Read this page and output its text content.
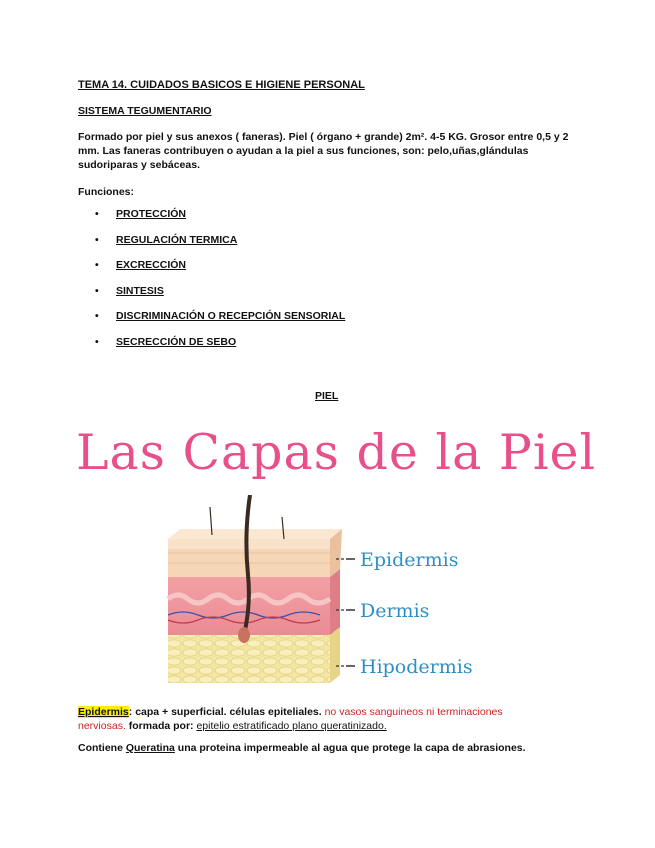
TEMA 14. CUIDADOS BASICOS E HIGIENE PERSONAL
SISTEMA TEGUMENTARIO
Formado por piel y sus anexos ( faneras). Piel ( órgano + grande) 2m². 4-5 KG. Grosor entre 0,5 y 2
mm. Las faneras contribuyen o ayudan a la piel a sus funciones, son: pelo,uñas,glándulas
sudoriparas y sebáceas.
Funciones:
•	PROTECCIÓN
•	REGULACIÓN TERMICA
•	EXCRECCIÓN
•	SINTESIS
•	DISCRIMINACIÓN O RECEPCIÓN SENSORIAL
•	SECRECCIÓN DE SEBO
PIEL
Las Capas de la Piel
Epidermis
Dermis
Hipodermis
Epidermis: capa + superficial. células epiteliales. no vasos sanguineos ni terminaciones
nerviosas. formada por: epitelio estratificado plano queratinizado.
Contiene Queratina una proteina impermeable al agua que protege la capa de abrasiones.
